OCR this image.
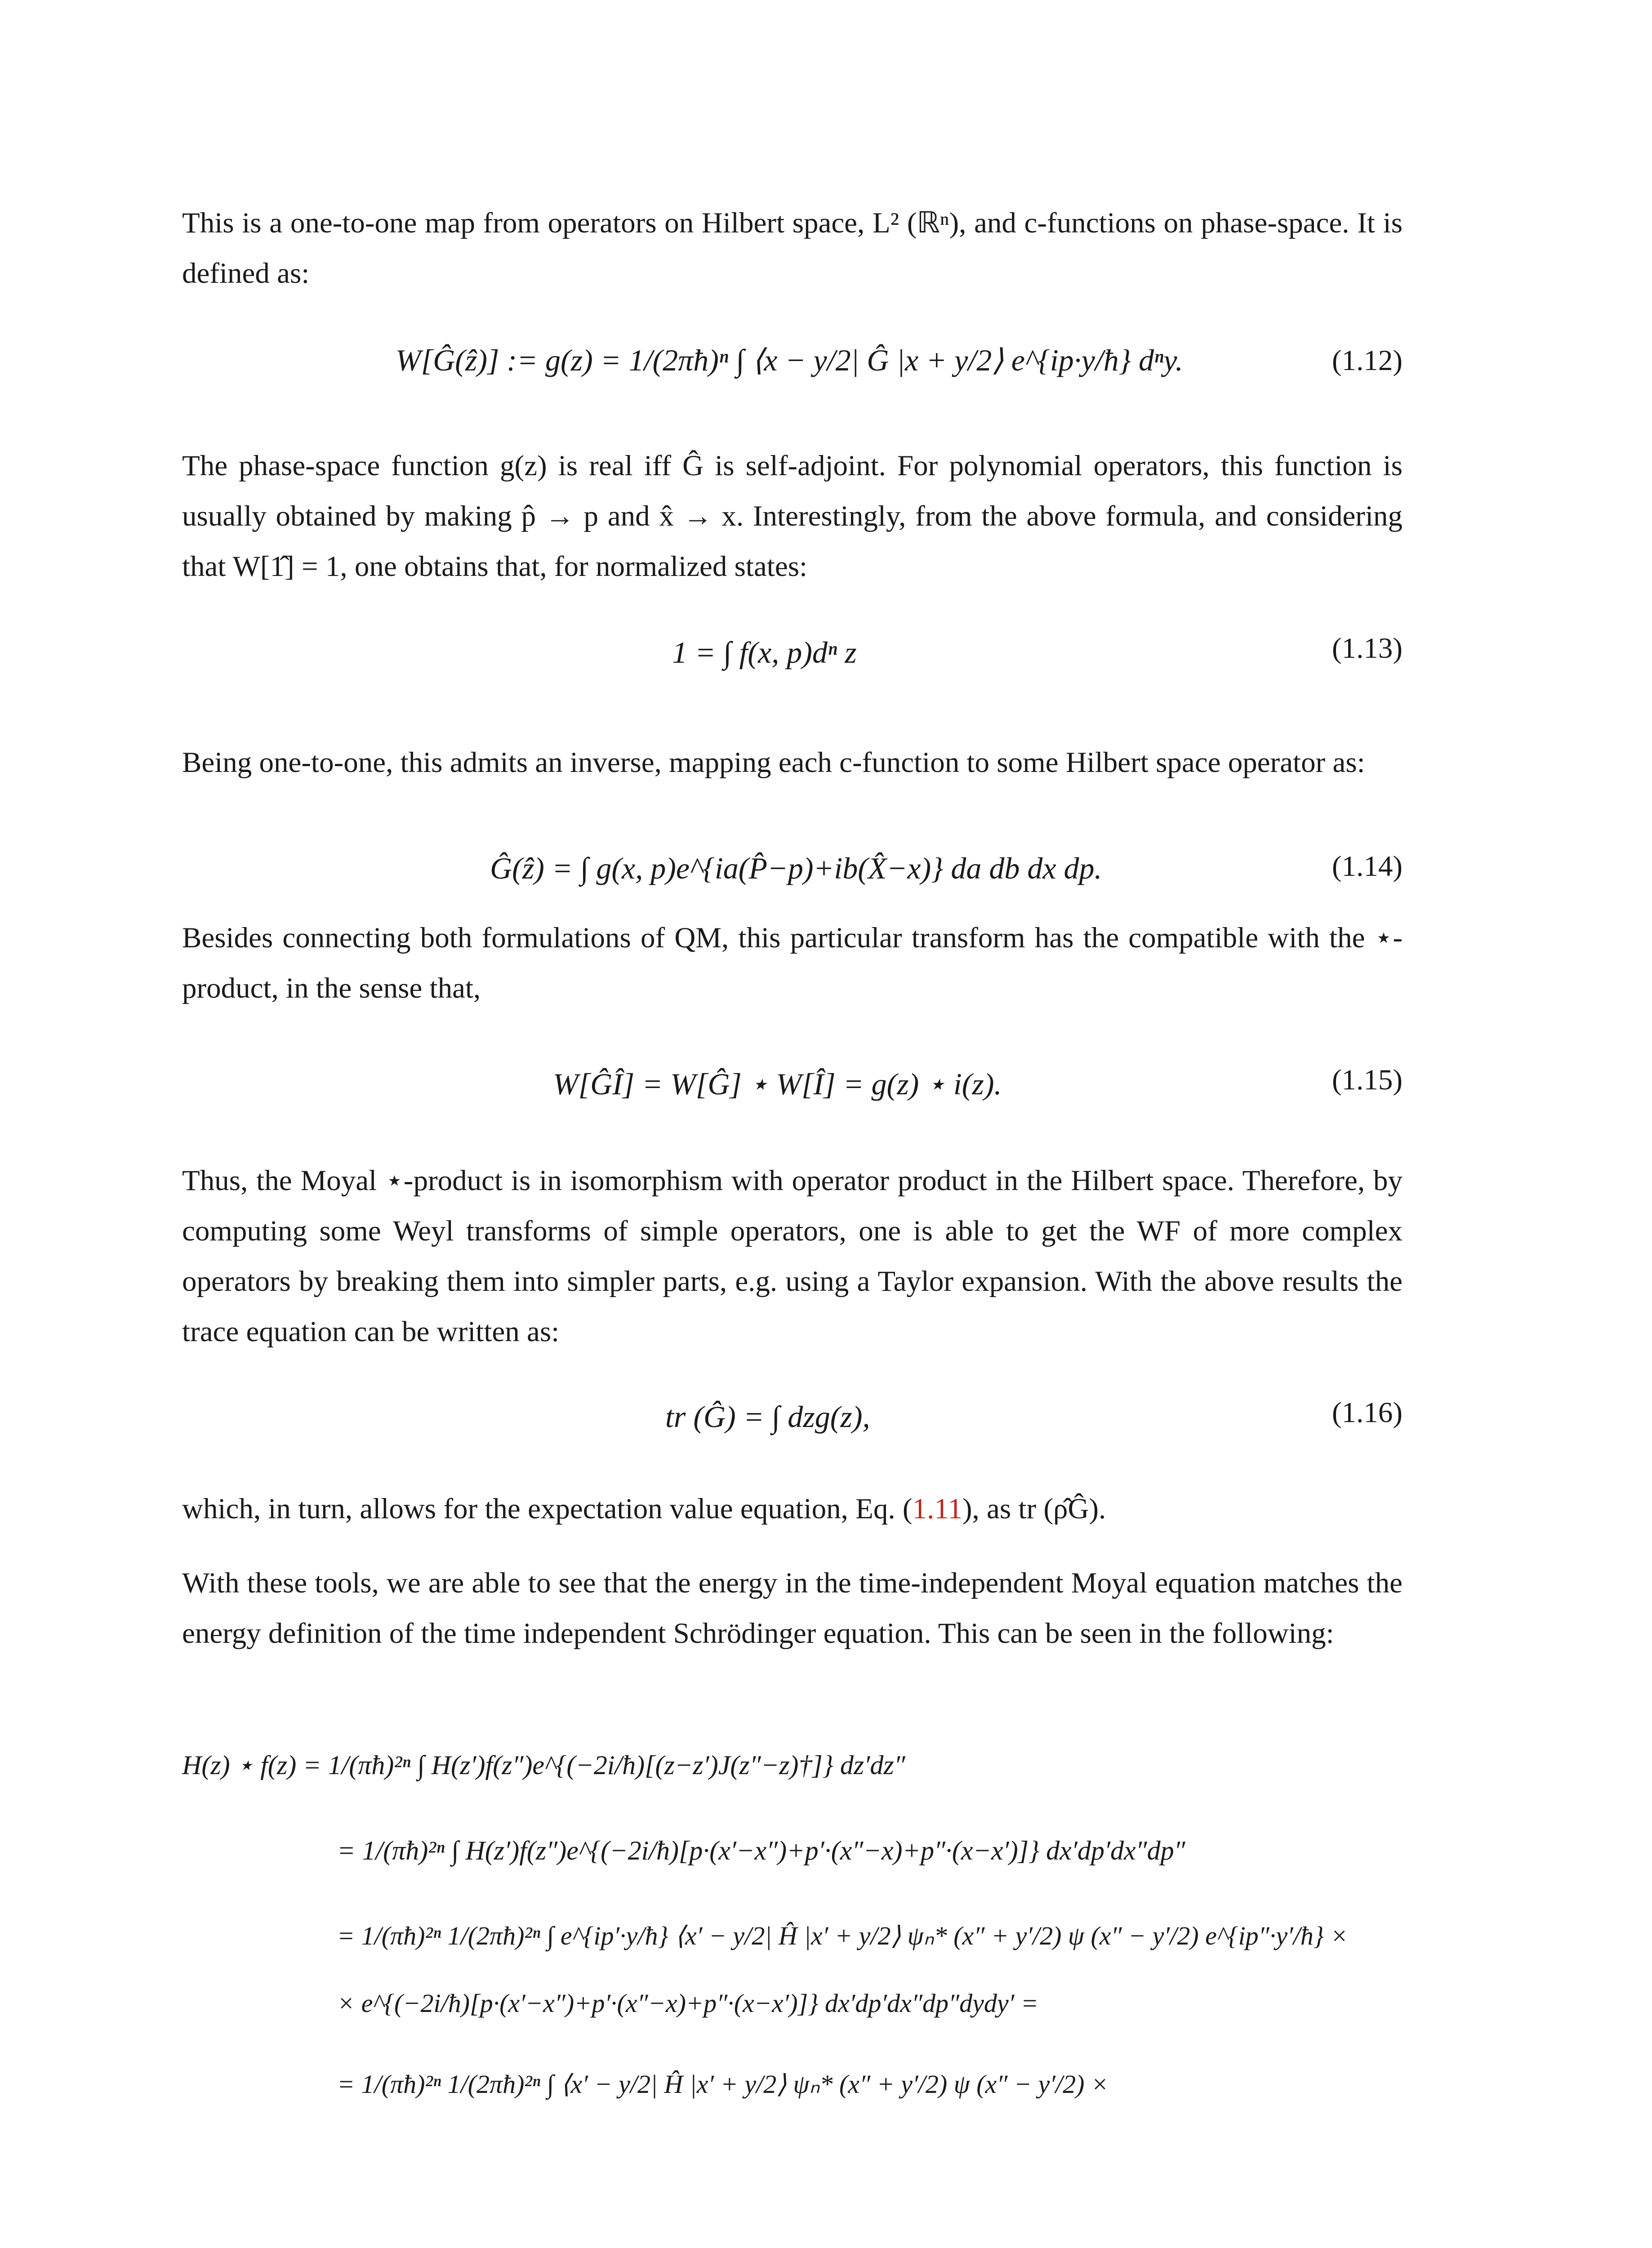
This is a one-to-one map from operators on Hilbert space, L² (ℝⁿ), and c-functions on phase-space. It is defined as:

W[Ĝ(ẑ)] := g(z) = 1/(2πħ)ⁿ ∫ ⟨x − y/2| Ĝ |x + y/2⟩ e^{ip·y/ħ} dⁿy.	(1.12)

The phase-space function g(z) is real iff Ĝ is self-adjoint. For polynomial operators, this function is usually obtained by making p̂ → p and x̂ → x. Interestingly, from the above formula, and considering that W[1̂] = 1, one obtains that, for normalized states:

1 = ∫ f(x, p)dⁿ z	(1.13)

Being one-to-one, this admits an inverse, mapping each c-function to some Hilbert space operator as:

Ĝ(ẑ) = ∫ g(x, p)e^{ia(P̂−p)+ib(X̂−x)} da db dx dp.	(1.14)

Besides connecting both formulations of QM, this particular transform has the compatible with the ⋆-product, in the sense that,

W[ĜÎ] = W[Ĝ] ⋆ W[Î] = g(z) ⋆ i(z).	(1.15)

Thus, the Moyal ⋆-product is in isomorphism with operator product in the Hilbert space. Therefore, by computing some Weyl transforms of simple operators, one is able to get the WF of more complex operators by breaking them into simpler parts, e.g. using a Taylor expansion. With the above results the trace equation can be written as:

tr (Ĝ) = ∫ dzg(z),	(1.16)

which, in turn, allows for the expectation value equation, Eq. (1.11), as tr (ρ̂Ĝ).

With these tools, we are able to see that the energy in the time-independent Moyal equation matches the energy definition of the time independent Schrödinger equation. This can be seen in the following:

H(z) ⋆ f(z) = 1/(πħ)²ⁿ ∫ H(z′)f(z″)e^{(−2i/ħ)[(z−z′)J(z″−z)†]} dz′dz″
= 1/(πħ)²ⁿ ∫ H(z′)f(z″)e^{(−2i/ħ)[p·(x′−x″)+p′·(x″−x)+p″·(x−x′)]} dx′dp′dx″dp″
= 1/(πħ)²ⁿ 1/(2πħ)²ⁿ ∫ e^{ip′·y/ħ} ⟨x′ − y/2| Ĥ |x′ + y/2⟩ ψₙ* (x″ + y′/2) ψ (x″ − y′/2) e^{ip″·y′/ħ} ×
× e^{(−2i/ħ)[p·(x′−x″)+p′·(x″−x)+p″·(x−x′)]} dx′dp′dx″dp″dydy′ =
= 1/(πħ)²ⁿ 1/(2πħ)²ⁿ ∫ ⟨x′ − y/2| Ĥ |x′ + y/2⟩ ψₙ* (x″ + y′/2) ψ (x″ − y′/2) ×
